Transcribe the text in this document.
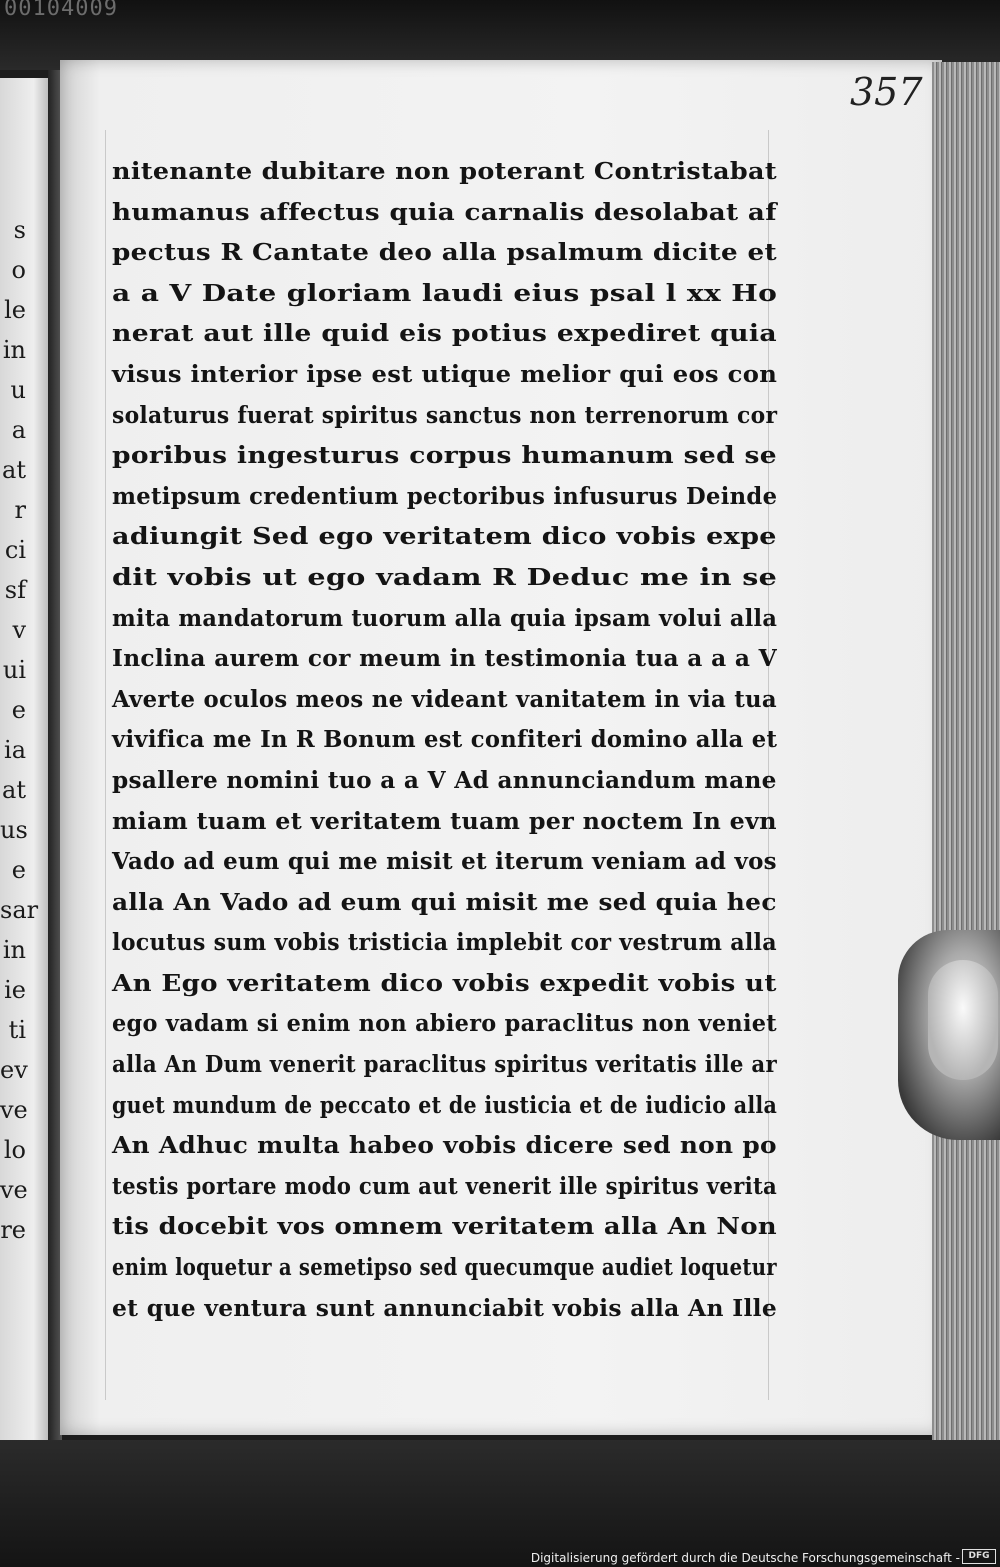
00104009
s
o
le
in
u
a
at
r
ci
sf
v
ui
e
ia
at
us
e
sar
in
ie
ti
ev
ve
lo
ve
re
357
nitenante dubitare non poterant Contristabat
humanus affectus quia carnalis desolabat af
pectus R Cantate deo alla psalmum dicite et
a a V Date gloriam laudi eius psal l xx Ho
nerat aut ille quid eis potius expediret quia
visus interior ipse est utique melior qui eos con
solaturus fuerat spiritus sanctus non terrenorum cor
poribus ingesturus corpus humanum sed se
metipsum credentium pectoribus infusurus Deinde
adiungit Sed ego veritatem dico vobis expe
dit vobis ut ego vadam R Deduc me in se
mita mandatorum tuorum alla quia ipsam volui alla
Inclina aurem cor meum in testimonia tua a a a V
Averte oculos meos ne videant vanitatem in via tua
vivifica me In R Bonum est confiteri domino alla et
psallere nomini tuo a a V Ad annunciandum mane
miam tuam et veritatem tuam per noctem In evn
Vado ad eum qui me misit et iterum veniam ad vos
alla An Vado ad eum qui misit me sed quia hec
locutus sum vobis tristicia implebit cor vestrum alla
An Ego veritatem dico vobis expedit vobis ut
ego vadam si enim non abiero paraclitus non veniet
alla An Dum venerit paraclitus spiritus veritatis ille ar
guet mundum de peccato et de iusticia et de iudicio alla
An Adhuc multa habeo vobis dicere sed non po
testis portare modo cum aut venerit ille spiritus verita
tis docebit vos omnem veritatem alla An Non
enim loquetur a semetipso sed quecumque audiet loquetur
et que ventura sunt annunciabit vobis alla An Ille
Digitalisierung gefördert durch die Deutsche Forschungsgemeinschaft - DFG
